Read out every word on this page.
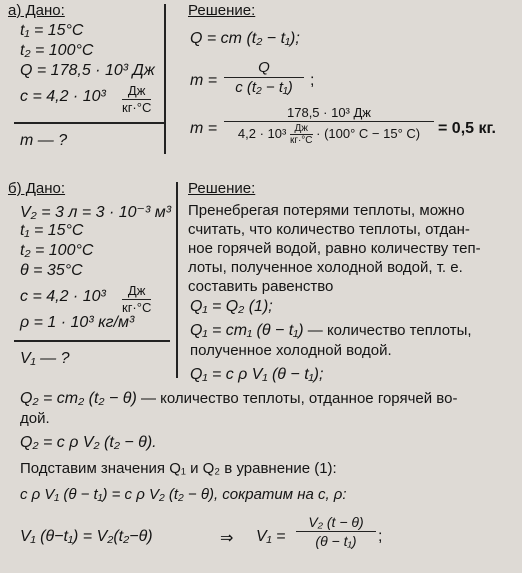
а) Дано:
t₁ = 15°C
t₂ = 100°C
Q = 178,5 · 10³ Дж
c = 4,2 · 10³	Дж
кг·°С
m — ?
Решение:
Q = cm (t₂ − t₁);
m =
Q
c (t₂ − t₁)	;
m =
178,5 · 10³ Дж
4,2 · 10³ Дж
кг·°С · (100° С − 15° С)	= 0,5 кг.
б) Дано:
V₂ = 3 л = 3 · 10⁻³ м³
t₁ = 15°C
t₂ = 100°C
θ = 35°C
c = 4,2 · 10³	Дж
кг·°С
ρ = 1 · 10³ кг/м³
V₁ — ?
Решение:
Пренебрегая потерями теплоты, можно
считать, что количество теплоты, отдан-
ное горячей водой, равно количеству теп-
лоты, полученное холодной водой, т. е.
составить равенство
Q₁ = Q₂ (1);
Q₁ = cm₁ (θ − t₁) — количество теплоты,
полученное холодной водой.
Q₁ = c ρ V₁ (θ − t₁);
Q₂ = cm₂ (t₂ − θ) — количество теплоты, отданное горячей во-
дой.
Q₂ = c ρ V₂ (t₂ − θ).
Подставим значения Q₁ и Q₂ в уравнение (1):
c ρ V₁ (θ − t₁) = c ρ V₂ (t₂ − θ), сократим на c, ρ:
V₁ (θ−t₁) = V₂(t₂−θ)	⇒ V₁ =
V₂ (t − θ)
(θ − t₁)	;
